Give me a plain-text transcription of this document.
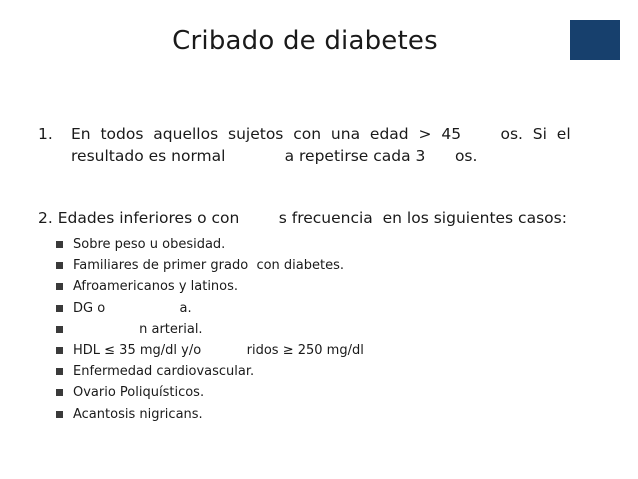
Cribado de diabetes
1. En  todos  aquellos  sujetos  con  una  edad  >  45        os.  Si  el
resultado es normal            a repetirse cada 3      os.
2. Edades inferiores o con        s frecuencia  en los siguientes casos:
Sobre peso u obesidad.
Familiares de primer grado  con diabetes.
Afroamericanos y latinos.
DG o                  a.
n arterial.
HDL ≤ 35 mg/dl y/o           ridos ≥ 250 mg/dl
Enfermedad cardiovascular.
Ovario Poliquísticos.
Acantosis nigricans.
